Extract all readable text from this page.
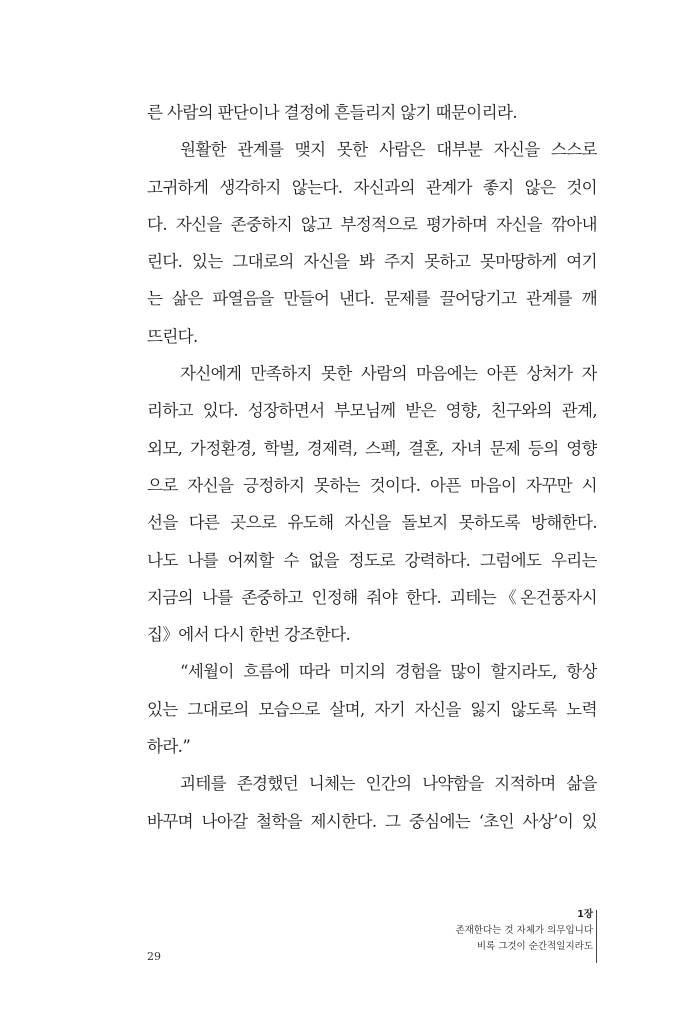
른 사람의 판단이나 결정에 흔들리지 않기 때문이리라.
원활한 관계를 맺지 못한 사람은 대부분 자신을 스스로
고귀하게 생각하지 않는다. 자신과의 관계가 좋지 않은 것이
다. 자신을 존중하지 않고 부정적으로 평가하며 자신을 깎아내
린다. 있는 그대로의 자신을 봐 주지 못하고 못마땅하게 여기
는 삶은 파열음을 만들어 낸다. 문제를 끌어당기고 관계를 깨
뜨린다.
자신에게 만족하지 못한 사람의 마음에는 아픈 상처가 자
리하고 있다. 성장하면서 부모님께 받은 영향, 친구와의 관계,
외모, 가정환경, 학벌, 경제력, 스펙, 결혼, 자녀 문제 등의 영향
으로 자신을 긍정하지 못하는 것이다. 아픈 마음이 자꾸만 시
선을 다른 곳으로 유도해 자신을 돌보지 못하도록 방해한다.
나도 나를 어찌할 수 없을 정도로 강력하다. 그럼에도 우리는
지금의 나를 존중하고 인정해 줘야 한다. 괴테는《온건풍자시
집》에서 다시 한번 강조한다.
“세월이 흐름에 따라 미지의 경험을 많이 할지라도, 항상
있는 그대로의 모습으로 살며, 자기 자신을 잃지 않도록 노력
하라.”
괴테를 존경했던 니체는 인간의 나약함을 지적하며 삶을
바꾸며 나아갈 철학을 제시한다. 그 중심에는 ‘초인 사상’이 있
1장
존재한다는 것 자체가 의무입니다
비록 그것이 순간적일지라도
29
